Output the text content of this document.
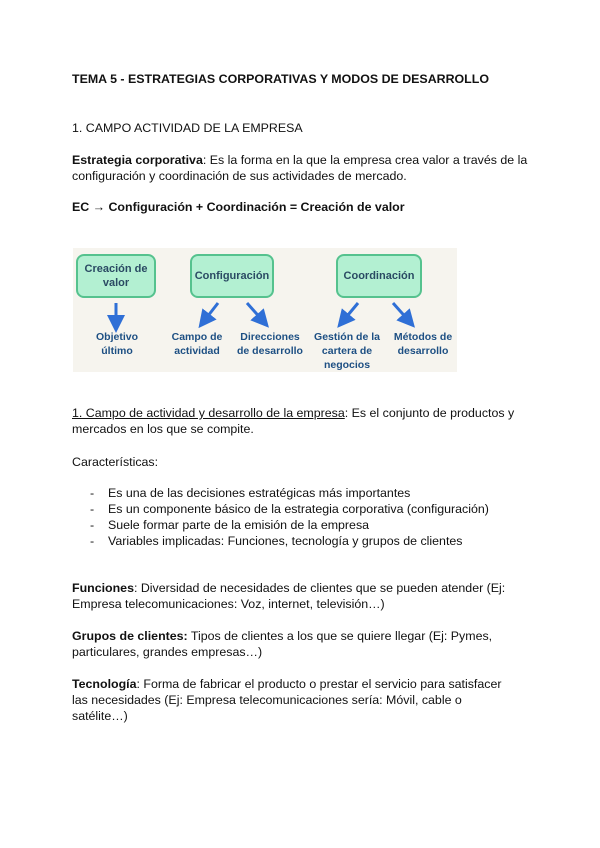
TEMA 5 - ESTRATEGIAS CORPORATIVAS Y MODOS DE DESARROLLO
1. CAMPO ACTIVIDAD DE LA EMPRESA
Estrategia corporativa: Es la forma en la que la empresa crea valor a través de la configuración y coordinación de sus actividades de mercado.
EC → Configuración + Coordinación = Creación de valor
Creación de valor
Configuración	Coordinación
Objetivo último
Campo de actividad
Direcciones de desarrollo
Gestión de la cartera de negocios
Métodos de desarrollo
1. Campo de actividad y desarrollo de la empresa: Es el conjunto de productos y mercados en los que se compite.
Características:
- Es una de las decisiones estratégicas más importantes
- Es un componente básico de la estrategia corporativa (configuración)
- Suele formar parte de la emisión de la empresa
- Variables implicadas: Funciones, tecnología y grupos de clientes
Funciones: Diversidad de necesidades de clientes que se pueden atender (Ej: Empresa telecomunicaciones: Voz, internet, televisión…)
Grupos de clientes: Tipos de clientes a los que se quiere llegar (Ej: Pymes, particulares, grandes empresas…)
Tecnología: Forma de fabricar el producto o prestar el servicio para satisfacer las necesidades (Ej: Empresa telecomunicaciones sería: Móvil, cable o satélite…)
